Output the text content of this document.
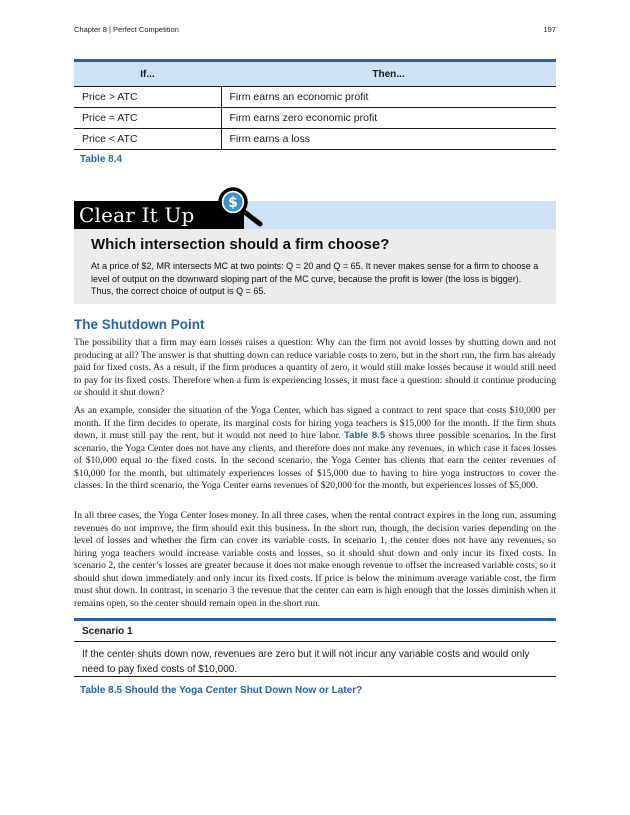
Chapter 8 | Perfect Competition	197
If...	Then...
Price > ATC	Firm earns an economic profit
Price = ATC	Firm earns zero economic profit
Price < ATC	Firm earns a loss
Table 8.4
Clear It Up	$
Which intersection should a firm choose?
At a price of $2, MR intersects MC at two points: Q = 20 and Q = 65. It never makes sense for a firm to choose a level of output on the downward sloping part of the MC curve, because the profit is lower (the loss is bigger). Thus, the correct choice of output is Q = 65.
The Shutdown Point

The possibility that a firm may earn losses raises a question: Why can the firm not avoid losses by shutting down and not producing at all? The answer is that shutting down can reduce variable costs to zero, but in the short run, the firm has already paid for fixed costs. As a result, if the firm produces a quantity of zero, it would still make losses because it would still need to pay for its fixed costs. Therefore when a firm is experiencing losses, it must face a question: should it continue producing or should it shut down?

As an example, consider the situation of the Yoga Center, which has signed a contract to rent space that costs $10,000 per month. If the firm decides to operate, its marginal costs for hiring yoga teachers is $15,000 for the month. If the firm shuts down, it must still pay the rent, but it would not need to hire labor. Table 8.5 shows three possible scenarios. In the first scenario, the Yoga Center does not have any clients, and therefore does not make any revenues, in which case it faces losses of $10,000 equal to the fixed costs. In the second scenario, the Yoga Center has clients that earn the center revenues of $10,000 for the month, but ultimately experiences losses of $15,000 due to having to hire yoga instructors to cover the classes. In the third scenario, the Yoga Center earns revenues of $20,000 for the month, but experiences losses of $5,000.

In all three cases, the Yoga Center loses money. In all three cases, when the rental contract expires in the long run, assuming revenues do not improve, the firm should exit this business. In the short run, though, the decision varies depending on the level of losses and whether the firm can cover its variable costs. In scenario 1, the center does not have any revenues, so hiring yoga teachers would increase variable costs and losses, so it should shut down and only incur its fixed costs. In scenario 2, the center’s losses are greater because it does not make enough revenue to offset the increased variable costs, so it should shut down immediately and only incur its fixed costs. If price is below the minimum average variable cost, the firm must shut down. In contrast, in scenario 3 the revenue that the center can earn is high enough that the losses diminish when it remains open, so the center should remain open in the short run.

Scenario 1
If the center shuts down now, revenues are zero but it will not incur any variable costs and would only need to pay fixed costs of $10,000.
Table 8.5 Should the Yoga Center Shut Down Now or Later?
